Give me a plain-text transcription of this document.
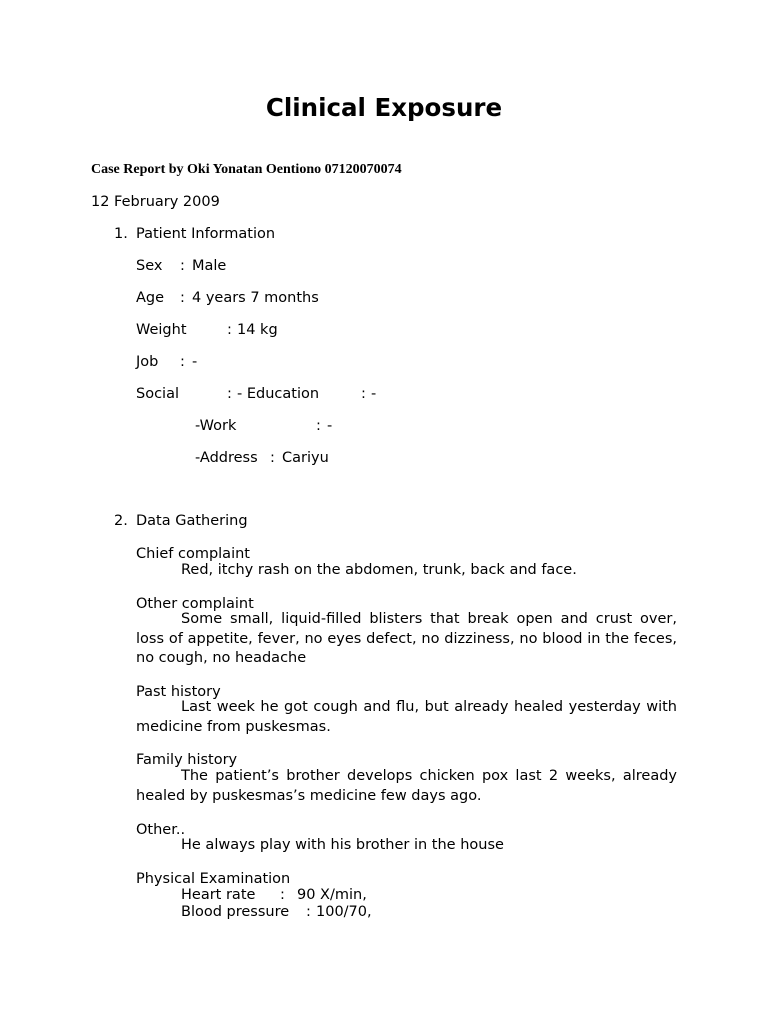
Clinical Exposure
Case Report by Oki Yonatan Oentiono 07120070074
12 February 2009
1. Patient Information
Sex : Male
Age : 4 years 7 months
Weight	: 14 kg
Job : -
Social	: - Education	: -
-Work	: -
-Address : Cariyu
2. Data Gathering
Chief complaint
Red, itchy rash on the abdomen, trunk, back and face.
Other complaint
Some small, liquid-filled blisters that break open and crust over, loss of appetite, fever, no eyes defect, no dizziness, no blood in the feces, no cough, no headache
Past history
Last week he got cough and flu, but already healed yesterday with medicine from puskesmas.
Family history
The patient’s brother develops chicken pox last 2 weeks, already healed by puskesmas’s medicine few days ago.
Other..
He always play with his brother in the house
Physical Examination
Heart rate : 90 X/min,
Blood pressure : 100/70,
